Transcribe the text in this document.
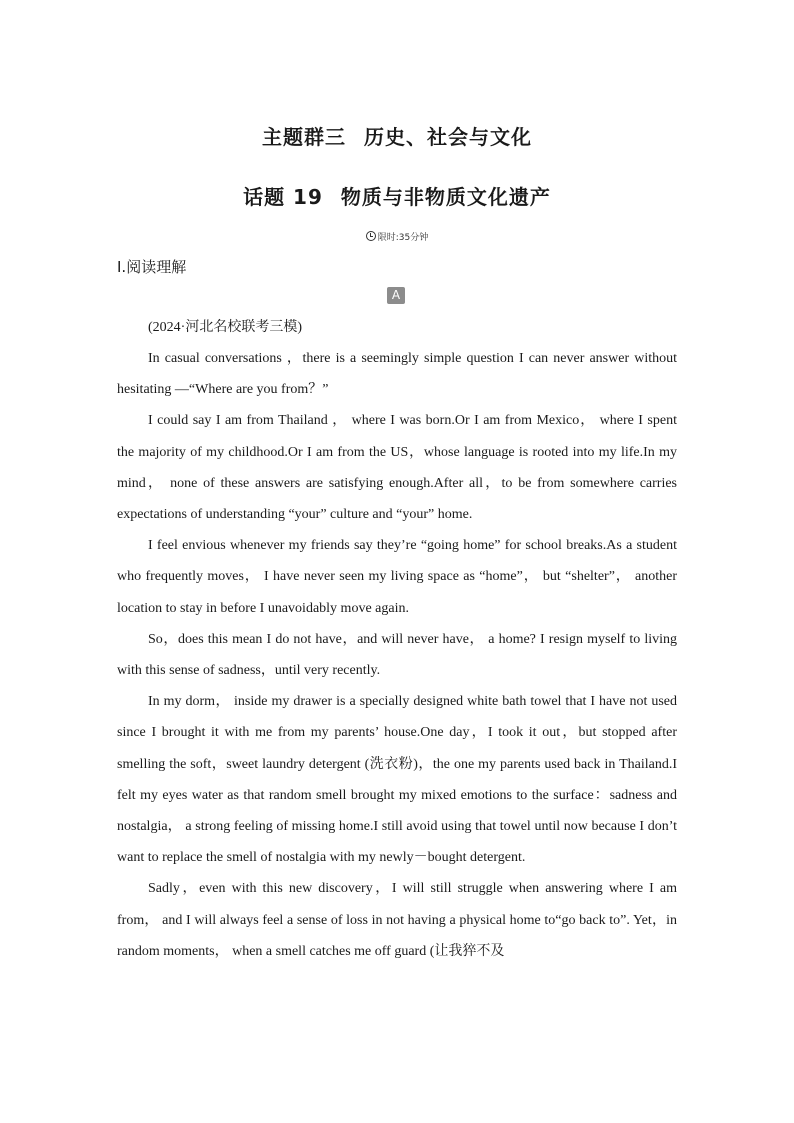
主题群三 历史、社会与文化
话题 19 物质与非物质文化遗产
限时:35分钟
Ⅰ.阅读理解
A

(2024·河北名校联考三模)

In casual conversations ，there is a seemingly simple question I can never answer without hesitating —“Where are you from？”

I could say I am from Thailand ， where I was born.Or I am from Mexico， where I spent the majority of my childhood.Or I am from the US，whose language is rooted into my life.In my mind， none of these answers are satisfying enough.After all，to be from somewhere carries expectations of understanding “your” culture and “your” home.

I feel envious whenever my friends say they’re “going home” for school breaks.As a student who frequently moves， I have never seen my living space as “home”， but “shelter”， another location to stay in before I unavoidably move again.

So，does this mean I do not have，and will never have， a home? I resign myself to living with this sense of sadness，until very recently.

In my dorm， inside my drawer is a specially designed white bath towel that I have not used since I brought it with me from my parents’ house.One day，I took it out，but stopped after smelling the soft，sweet laundry detergent (洗衣粉)，the one my parents used back in Thailand.I felt my eyes water as that random smell brought my mixed emotions to the surface：sadness and nostalgia， a strong feeling of missing home.I still avoid using that towel until now because I don’t want to replace the smell of nostalgia with my newly－bought detergent.

Sadly，even with this new discovery，I will still struggle when answering where I am from， and I will always feel a sense of loss in not having a physical home to“go back to”. Yet，in random moments， when a smell catches me off guard (让我猝不及
